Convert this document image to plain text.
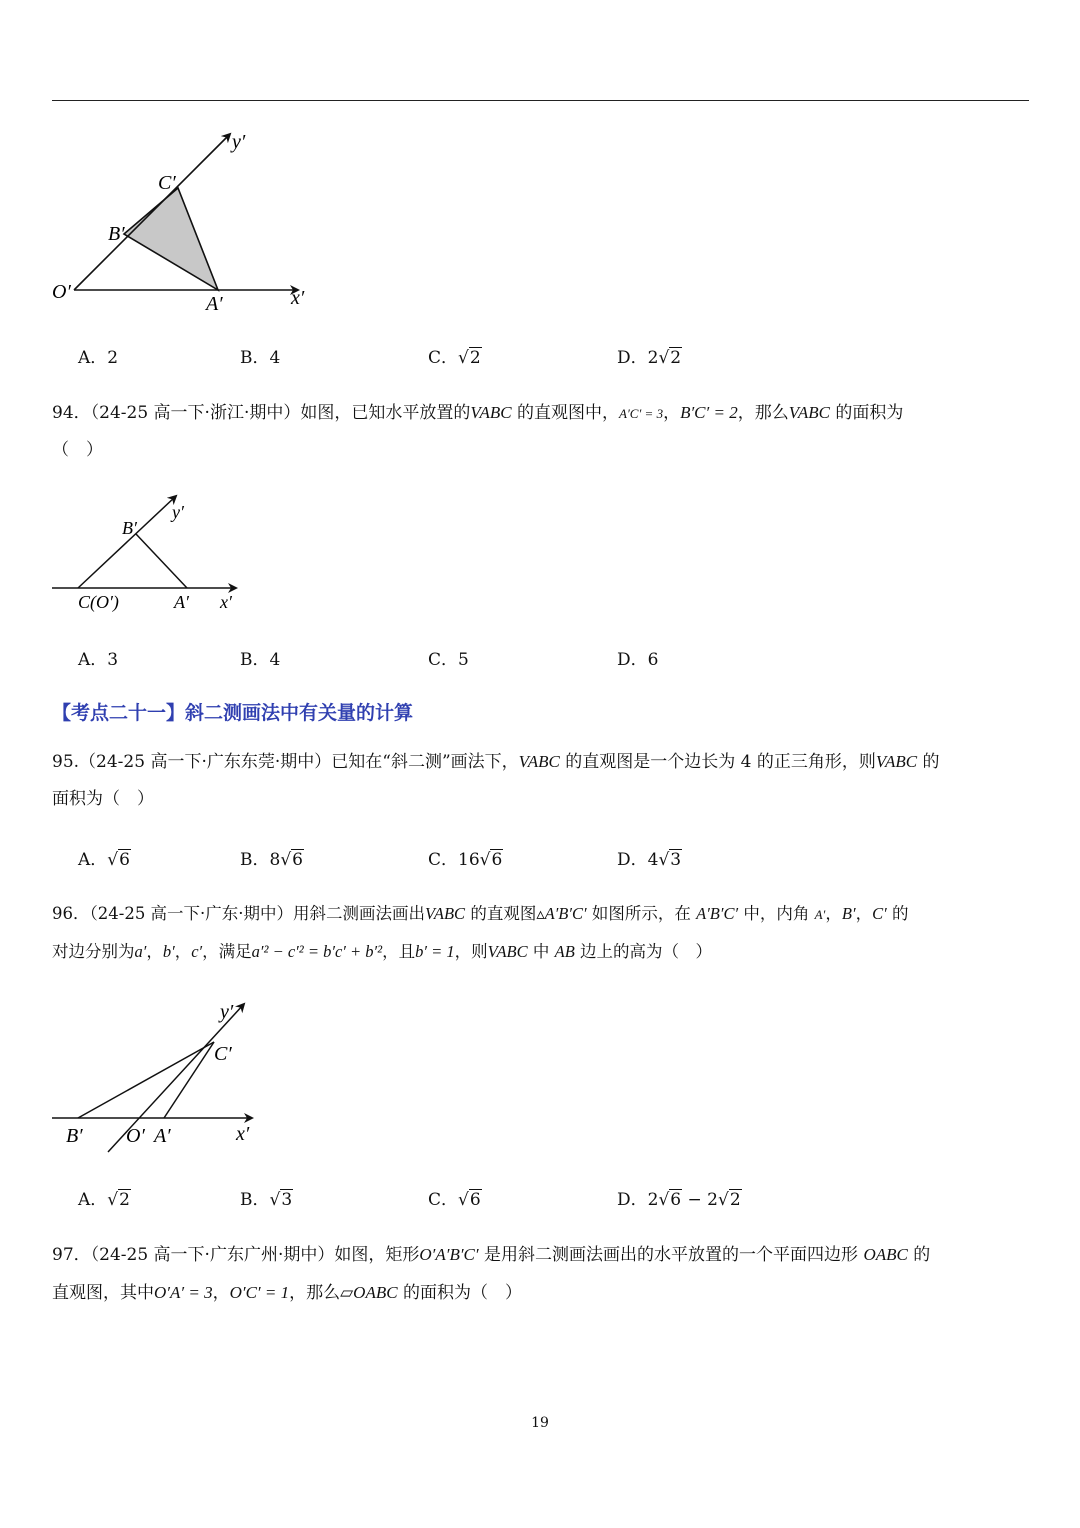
y′
C′
B′
O′
A′	x′
A．2	B．4	C．√2	D．2√2
94．（24-25 高一下·浙江·期中）如图，已知水平放置的VABC 的直观图中，A′C′ = 3，B′C′ = 2，那么VABC 的面积为
（　）
y′
B′
C(O′)	A′ x′
A．3	B．4	C．5	D．6
【考点二十一】斜二测画法中有关量的计算
95.（24-25 高一下·广东东莞·期中）已知在“斜二测”画法下，VABC 的直观图是一个边长为 4 的正三角形，则VABC 的
面积为（　）
A．√6	B．8√6	C．16√6	D．4√3
96．（24-25 高一下·广东·期中）用斜二测画法画出VABC 的直观图▵A′B′C′ 如图所示，在 A′B′C′ 中，内角 A′，B′，C′ 的
对边分别为a′，b′，c′，满足a′² − c′² = b′c′ + b′²，且b′ = 1，则VABC 中 AB 边上的高为（　）
y′
C′
B′ O′ A′	x′
A．√2	B．√3	C．√6	D．2√6 − 2√2
97．（24-25 高一下·广东广州·期中）如图，矩形O′A′B′C′ 是用斜二测画法画出的水平放置的一个平面四边形 OABC 的
直观图，其中O′A′ = 3，O′C′ = 1，那么▱OABC 的面积为（　）
19
